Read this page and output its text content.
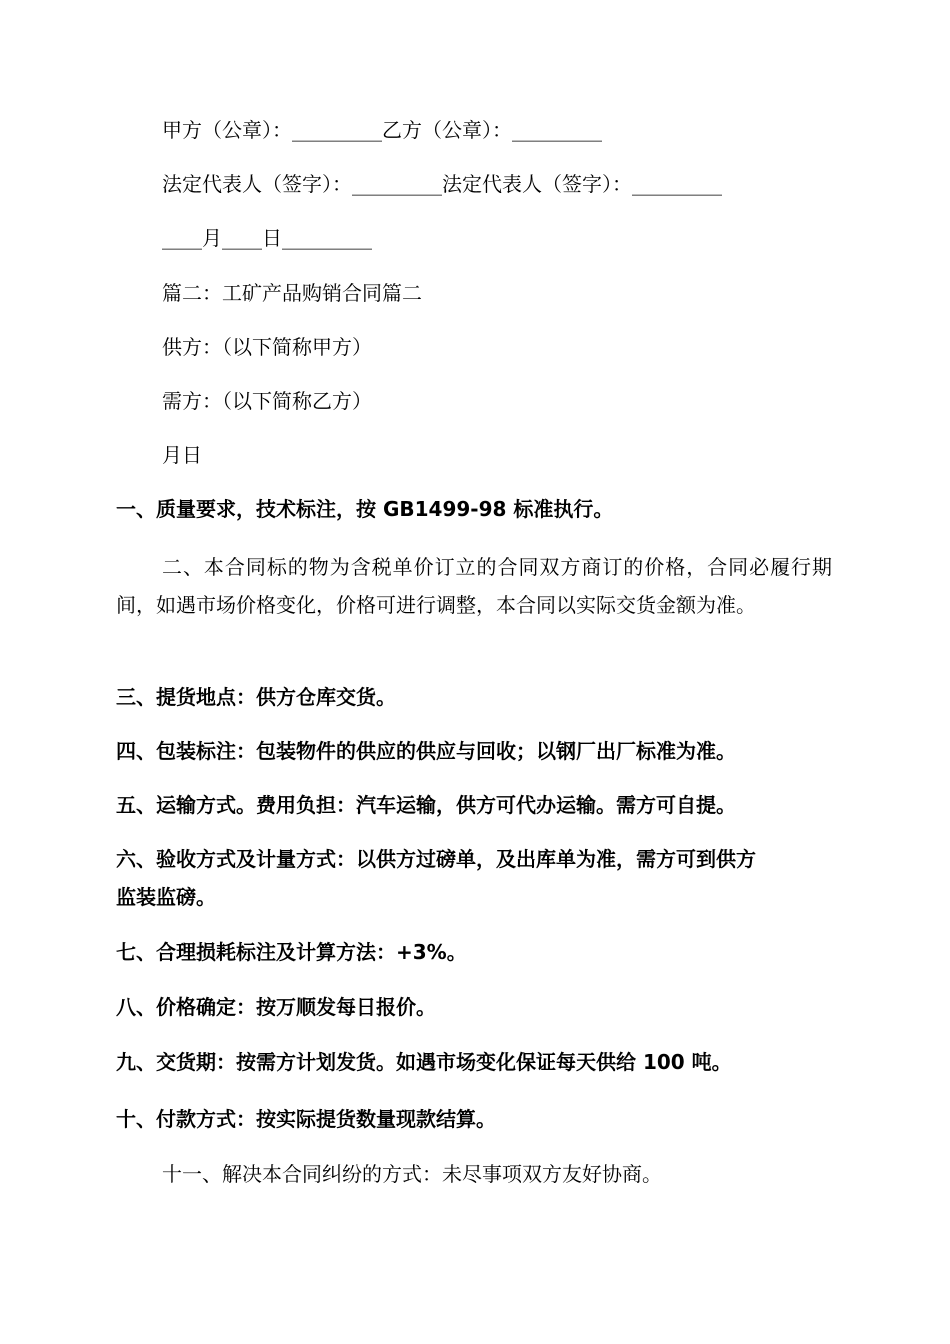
甲方（公章）：_________乙方（公章）：_________
法定代表人（签字）：_________法定代表人（签字）：_________
____月____日_________
篇二：工矿产品购销合同篇二
供方：（以下简称甲方）
需方：（以下简称乙方）
月日
一、质量要求，技术标注，按 GB1499-98 标准执行。
二、本合同标的物为含税单价订立的合同双方商订的价格，合同必履行期间，如遇市场价格变化，价格可进行调整，本合同以实际交货金额为准。
三、提货地点：供方仓库交货。
四、包装标注：包装物件的供应的供应与回收；以钢厂出厂标准为准。
五、运输方式。费用负担：汽车运输，供方可代办运输。需方可自提。
六、验收方式及计量方式：以供方过磅单，及出库单为准，需方可到供方
监装监磅。
七、合理损耗标注及计算方法：+3%。
八、价格确定：按万顺发每日报价。
九、交货期：按需方计划发货。如遇市场变化保证每天供给 100 吨。
十、付款方式：按实际提货数量现款结算。
十一、解决本合同纠纷的方式：未尽事项双方友好协商。
